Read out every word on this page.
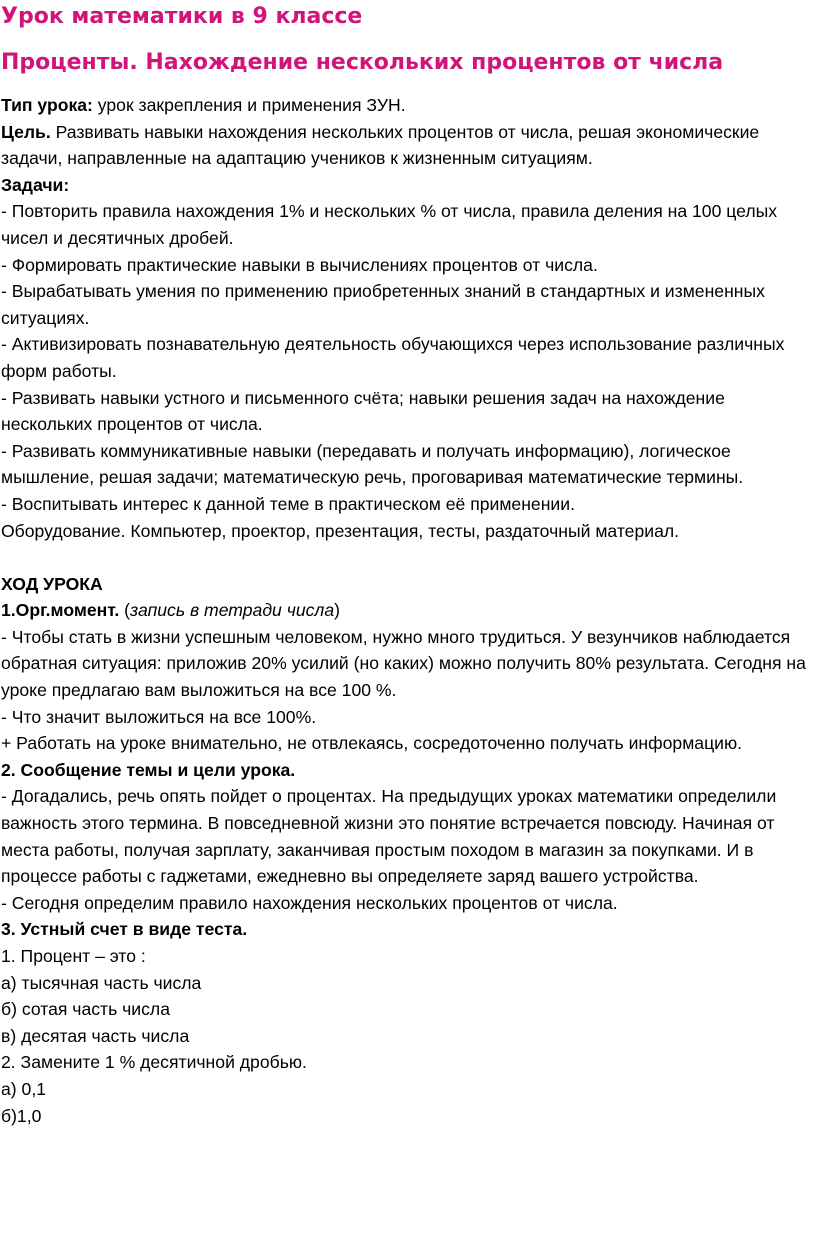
Урок математики в 9 классе
Проценты. Нахождение нескольких процентов от числа

Тип урока: урок закрепления и применения ЗУН.

Цель. Развивать навыки нахождения нескольких процентов от числа, решая экономические задачи, направленные на адаптацию учеников к жизненным ситуациям.

Задачи:

- Повторить правила нахождения 1% и нескольких % от числа, правила деления на 100 целых чисел и десятичных дробей.

- Формировать практические навыки в вычислениях процентов от числа.

- Вырабатывать умения по применению приобретенных знаний в стандартных и измененных ситуациях.

- Активизировать познавательную деятельность обучающихся через использование различных форм работы.

- Развивать навыки устного и письменного счёта; навыки решения задач на нахождение нескольких процентов от числа.

- Развивать коммуникативные навыки (передавать и получать информацию), логическое мышление, решая задачи; математическую речь, проговаривая математические термины.

- Воспитывать интерес к данной теме в практическом её применении.

Оборудование. Компьютер, проектор, презентация, тесты, раздаточный материал.

ХОД УРОКА

1.Орг.момент. (запись в тетради числа)

- Чтобы стать в жизни успешным человеком, нужно много трудиться. У везунчиков наблюдается обратная ситуация: приложив 20% усилий (но каких) можно получить 80% результата. Сегодня на уроке предлагаю вам выложиться на все 100 %.

- Что значит выложиться на все 100%.

+ Работать на уроке внимательно, не отвлекаясь, сосредоточенно получать информацию.

2. Сообщение темы и цели урока.

- Догадались, речь опять пойдет о процентах. На предыдущих уроках математики определили важность этого термина. В повседневной жизни это понятие встречается повсюду. Начиная от места работы, получая зарплату, заканчивая простым походом в магазин за покупками. И в процессе работы с гаджетами, ежедневно вы определяете заряд вашего устройства.

- Сегодня определим правило нахождения нескольких процентов от числа.

3. Устный счет в виде теста.

1. Процент – это :

а) тысячная часть числа

б) сотая часть числа

в) десятая часть числа

2. Замените 1 % десятичной дробью.

а) 0,1

б)1,0
